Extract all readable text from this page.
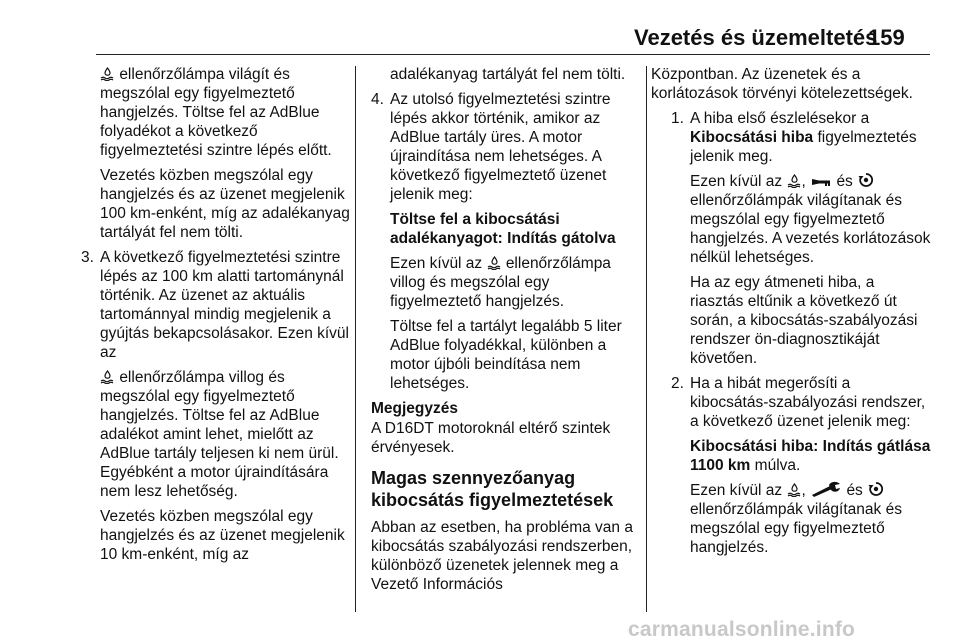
Vezetés és üzemeltetés
159

ellenőrzőlámpa világít és megszólal egy figyelmeztető hangjelzés. Töltse fel az AdBlue folyadékot a következő figyelmeztetési szintre lépés előtt.

Vezetés közben megszólal egy hangjelzés és az üzenet megjelenik 100 km-enként, míg az adalékanyag tartályát fel nem tölti.

3. A következő figyelmeztetési szintre lépés az 100 km alatti tartománynál történik. Az üzenet az aktuális tartománnyal mindig megjelenik a gyújtás bekapcsolásakor. Ezen kívül az

ellenőrzőlámpa villog és megszólal egy figyelmeztető hangjelzés. Töltse fel az AdBlue adalékot amint lehet, mielőtt az AdBlue tartály teljesen ki nem ürül. Egyébként a motor újraindítására nem lesz lehetőség.

Vezetés közben megszólal egy hangjelzés és az üzenet megjelenik 10 km-enként, míg az

adalékanyag tartályát fel nem tölti.

4. Az utolsó figyelmeztetési szintre lépés akkor történik, amikor az AdBlue tartály üres. A motor újraindítása nem lehetséges. A következő figyelmeztető üzenet jelenik meg:
Töltse fel a kibocsátási adalékanyagot: Indítás gátolva
Ezen kívül az ellenőrzőlámpa villog és megszólal egy figyelmeztető hangjelzés.
Töltse fel a tartályt legalább 5 liter AdBlue folyadékkal, különben a motor újbóli beindítása nem lehetséges.

Megjegyzés

A D16DT motoroknál eltérő szintek érvényesek.

Magas szennyezőanyag kibocsátás figyelmeztetések

Abban az esetben, ha probléma van a kibocsátás szabályozási rendszerben, különböző üzenetek jelennek meg a Vezető Információs

Központban. Az üzenetek és a korlátozások törvényi kötelezettségek.

1. A hiba első észlelésekor a Kibocsátási hiba figyelmeztetés jelenik meg.
Ezen kívül az , és
ellenőrzőlámpák világítanak és megszólal egy figyelmeztető hangjelzés. A vezetés korlátozások nélkül lehetséges.
Ha az egy átmeneti hiba, a riasztás eltűnik a következő út során, a kibocsátás-szabályozási rendszer ön-diagnosztikáját követően.
2. Ha a hibát megerősíti a kibocsátás-szabályozási rendszer, a következő üzenet jelenik meg:
Kibocsátási hiba: Indítás gátlása 1100 km múlva.
Ezen kívül az ,	és
ellenőrzőlámpák világítanak és megszólal egy figyelmeztető hangjelzés.
carmanualsonline.info
